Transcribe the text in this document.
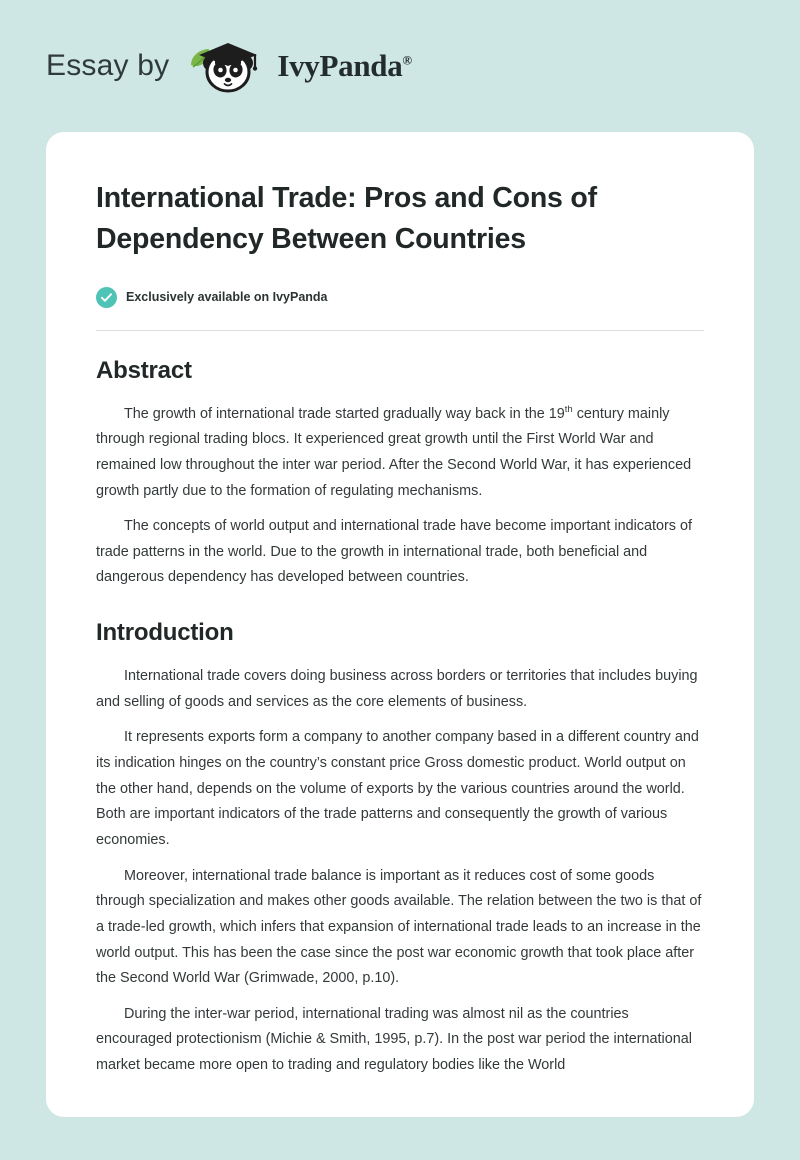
Essay by	IvyPanda®
International Trade: Pros and Cons of Dependency Between Countries
Exclusively available on IvyPanda
Abstract

The growth of international trade started gradually way back in the 19th century mainly through regional trading blocs. It experienced great growth until the First World War and remained low throughout the inter war period. After the Second World War, it has experienced growth partly due to the formation of regulating mechanisms.

The concepts of world output and international trade have become important indicators of trade patterns in the world. Due to the growth in international trade, both beneficial and dangerous dependency has developed between countries.

Introduction

International trade covers doing business across borders or territories that includes buying and selling of goods and services as the core elements of business.

It represents exports form a company to another company based in a different country and its indication hinges on the country’s constant price Gross domestic product. World output on the other hand, depends on the volume of exports by the various countries around the world. Both are important indicators of the trade patterns and consequently the growth of various economies.

Moreover, international trade balance is important as it reduces cost of some goods through specialization and makes other goods available. The relation between the two is that of a trade-led growth, which infers that expansion of international trade leads to an increase in the world output. This has been the case since the post war economic growth that took place after the Second World War (Grimwade, 2000, p.10).

During the inter-war period, international trading was almost nil as the countries encouraged protectionism (Michie & Smith, 1995, p.7). In the post war period the international market became more open to trading and regulatory bodies like the World
